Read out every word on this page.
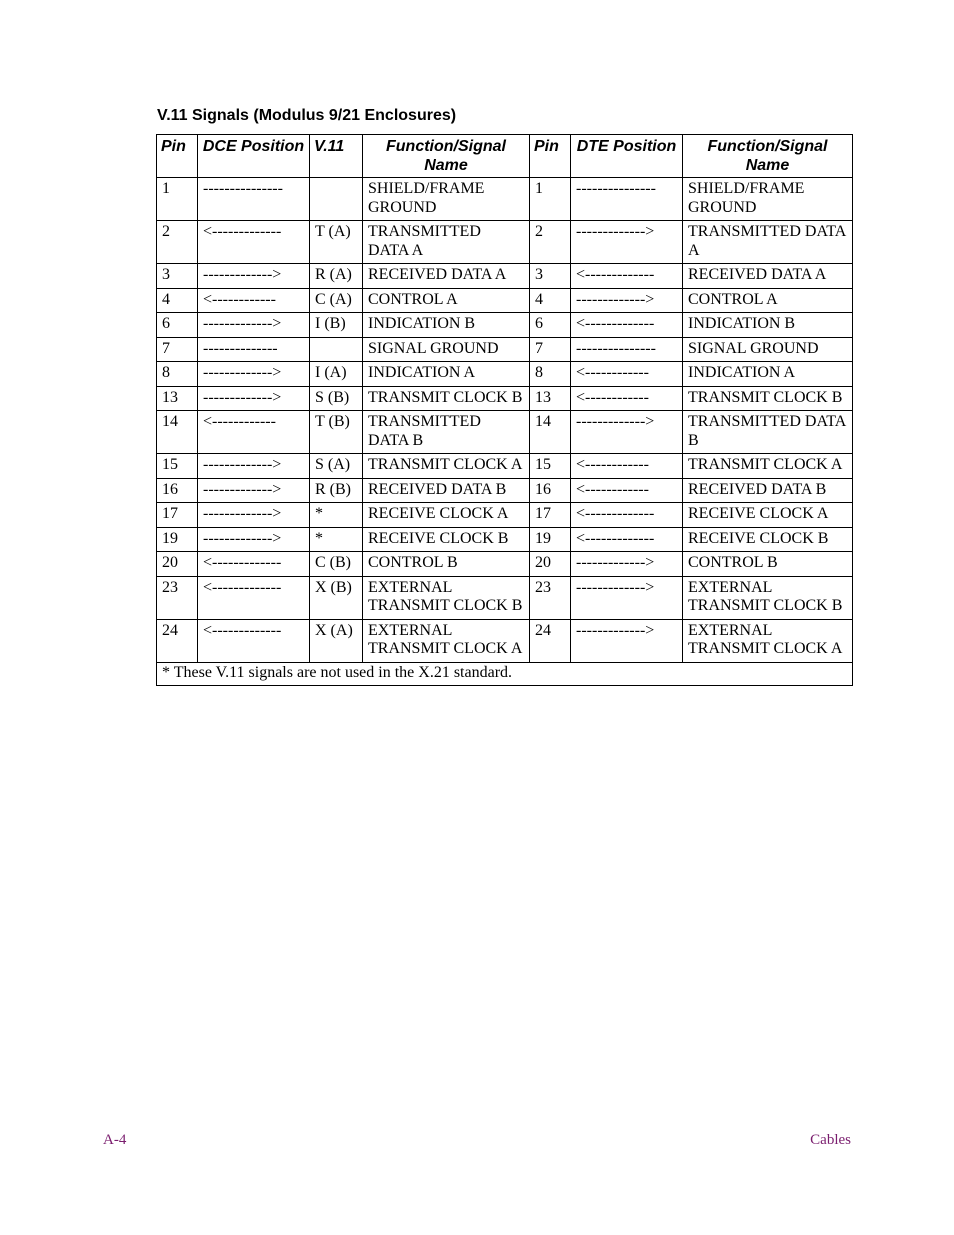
V.11 Signals (Modulus 9/21 Enclosures)
Pin	DCE Position	V.11	Function/Signal Name	Pin	DTE Position	Function/Signal Name
1	---------------		SHIELD/FRAME GROUND	1	---------------	SHIELD/FRAME GROUND
2	<-------------	T (A)	TRANSMITTED DATA A	2	------------->	TRANSMITTED DATA A
3	------------->	R (A)	RECEIVED DATA A	3	<-------------	RECEIVED DATA A
4	<------------	C (A)	CONTROL A	4	------------->	CONTROL A
6	------------->	I (B)	INDICATION B	6	<-------------	INDICATION B
7	--------------		SIGNAL GROUND	7	---------------	SIGNAL GROUND
8	------------->	I (A)	INDICATION A	8	<------------	INDICATION A
13	------------->	S (B)	TRANSMIT CLOCK B	13	<------------	TRANSMIT CLOCK B
14	<------------	T (B)	TRANSMITTED DATA B	14	------------->	TRANSMITTED DATA B
15	------------->	S (A)	TRANSMIT CLOCK A	15	<------------	TRANSMIT CLOCK A
16	------------->	R (B)	RECEIVED DATA B	16	<------------	RECEIVED DATA B
17	------------->	*	RECEIVE CLOCK A	17	<-------------	RECEIVE CLOCK A
19	------------->	*	RECEIVE CLOCK B	19	<-------------	RECEIVE CLOCK B
20	<-------------	C (B)	CONTROL B	20	------------->	CONTROL B
23	<-------------	X (B)	EXTERNAL TRANSMIT CLOCK B	23	------------->	EXTERNAL TRANSMIT CLOCK B
24	<-------------	X (A)	EXTERNAL TRANSMIT CLOCK A	24	------------->	EXTERNAL TRANSMIT CLOCK A
* These V.11 signals are not used in the X.21 standard.						
A-4	Cables
